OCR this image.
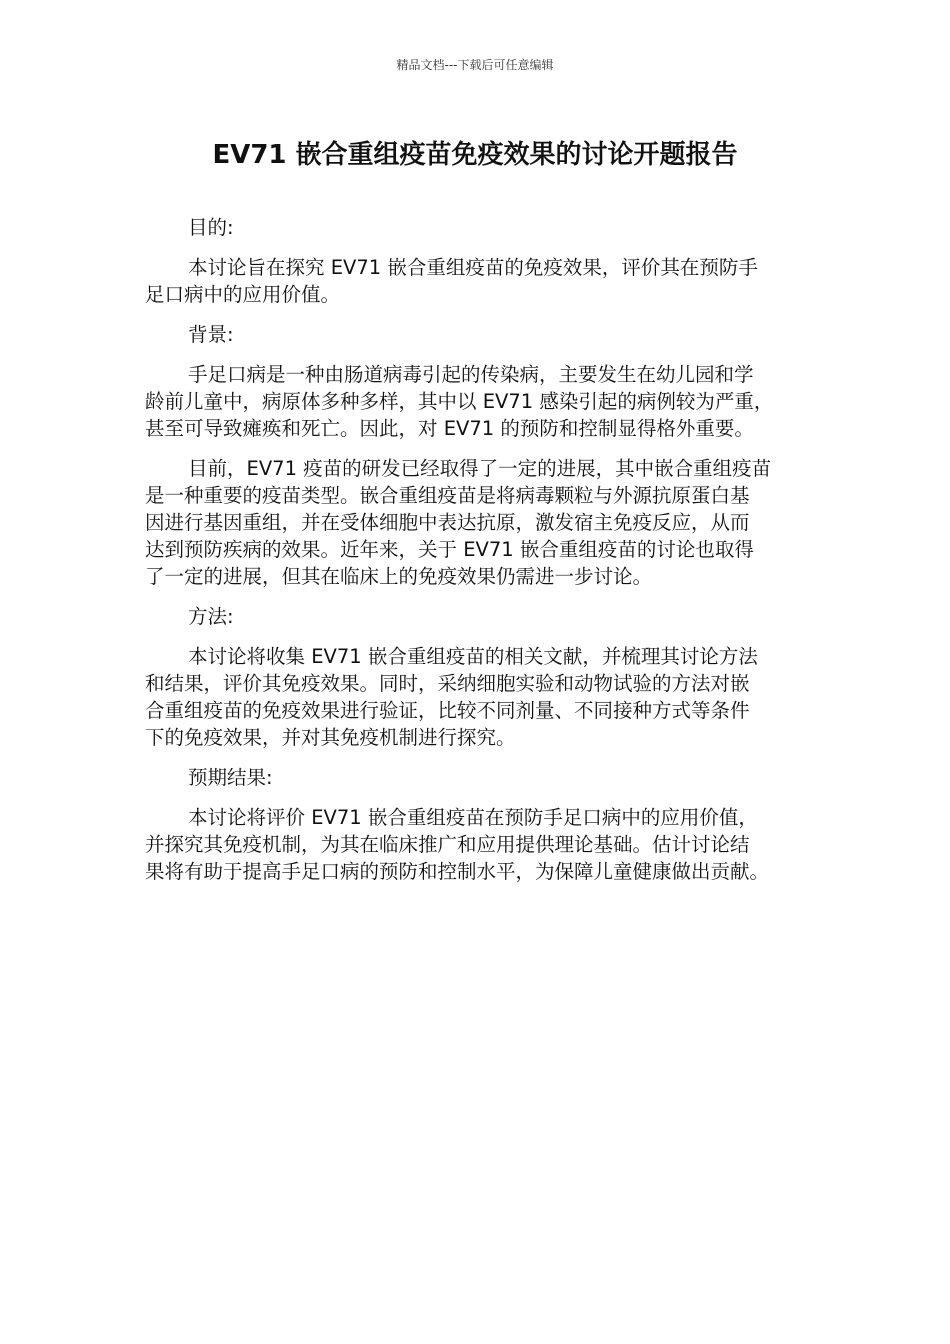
精品文档---下载后可任意编辑
EV71 嵌合重组疫苗免疫效果的讨论开题报告

目的:

本讨论旨在探究 EV71 嵌合重组疫苗的免疫效果，评价其在预防手
足口病中的应用价值。

背景:

手足口病是一种由肠道病毒引起的传染病，主要发生在幼儿园和学
龄前儿童中，病原体多种多样，其中以 EV71 感染引起的病例较为严重，
甚至可导致瘫痪和死亡。因此，对 EV71 的预防和控制显得格外重要。

目前，EV71 疫苗的研发已经取得了一定的进展，其中嵌合重组疫苗
是一种重要的疫苗类型。嵌合重组疫苗是将病毒颗粒与外源抗原蛋白基
因进行基因重组，并在受体细胞中表达抗原，激发宿主免疫反应，从而
达到预防疾病的效果。近年来，关于 EV71 嵌合重组疫苗的讨论也取得
了一定的进展，但其在临床上的免疫效果仍需进一步讨论。

方法:

本讨论将收集 EV71 嵌合重组疫苗的相关文献，并梳理其讨论方法
和结果，评价其免疫效果。同时，采纳细胞实验和动物试验的方法对嵌
合重组疫苗的免疫效果进行验证，比较不同剂量、不同接种方式等条件
下的免疫效果，并对其免疫机制进行探究。

预期结果:

本讨论将评价 EV71 嵌合重组疫苗在预防手足口病中的应用价值，
并探究其免疫机制，为其在临床推广和应用提供理论基础。估计讨论结
果将有助于提高手足口病的预防和控制水平，为保障儿童健康做出贡献。
